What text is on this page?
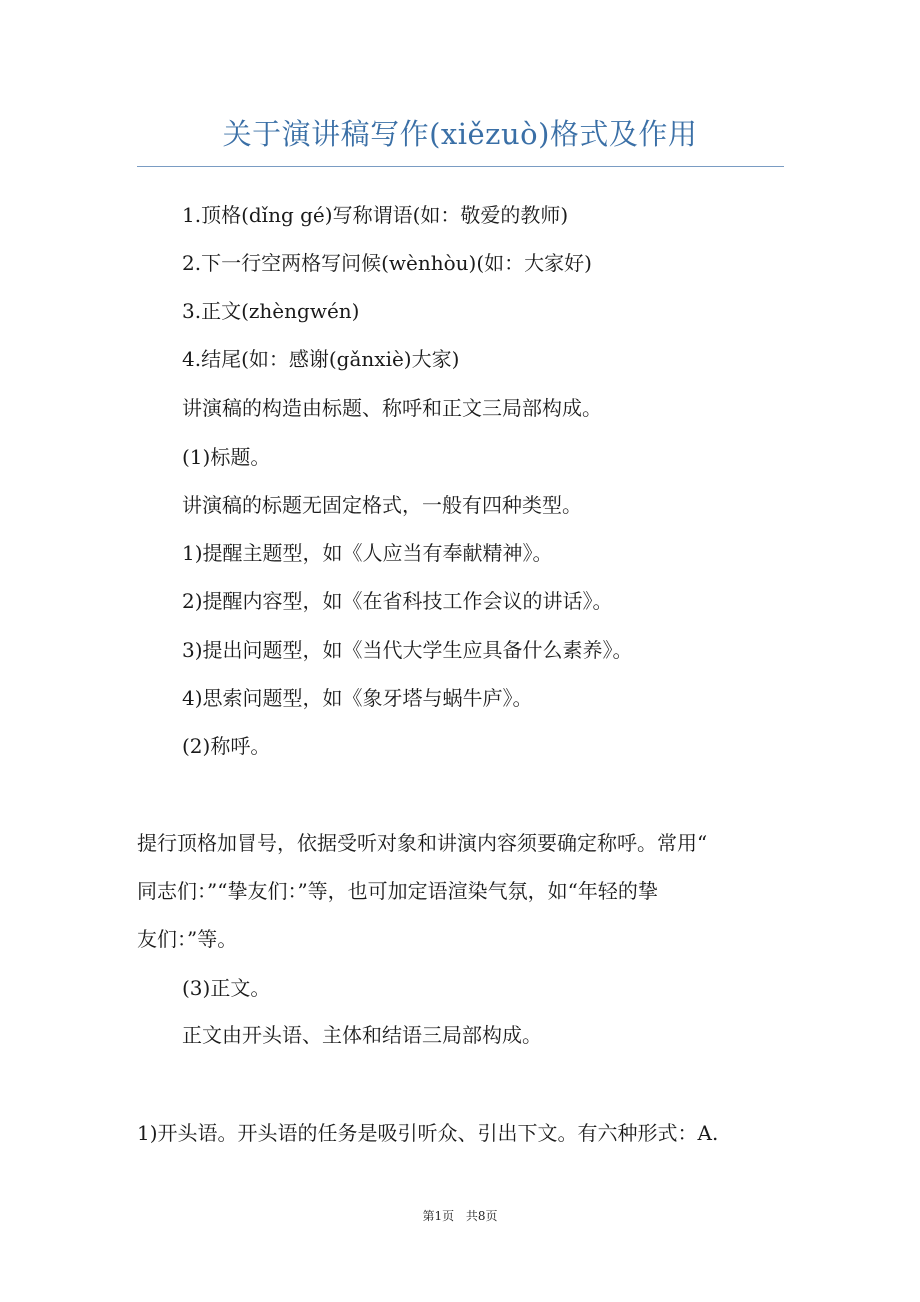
关于演讲稿写作(xiězuò)格式及作用
1.顶格(dǐng gé)写称谓语(如：敬爱的教师)
2.下一行空两格写问候(wènhòu)(如：大家好)
3.正文(zhèngwén)
4.结尾(如：感谢(gǎnxiè)大家)
讲演稿的构造由标题、称呼和正文三局部构成。
(1)标题。
讲演稿的标题无固定格式，一般有四种类型。
1)提醒主题型，如《人应当有奉献精神》。
2)提醒内容型，如《在省科技工作会议的讲话》。
3)提出问题型，如《当代大学生应具备什么素养》。
4)思索问题型，如《象牙塔与蜗牛庐》。
(2)称呼。
提行顶格加冒号，依据受听对象和讲演内容须要确定称呼。常用“
同志们：”“挚友们：”等，也可加定语渲染气氛，如“年轻的挚
友们：”等。
(3)正文。
正文由开头语、主体和结语三局部构成。
1)开头语。开头语的任务是吸引听众、引出下文。有六种形式：A.
第1页 共8页
